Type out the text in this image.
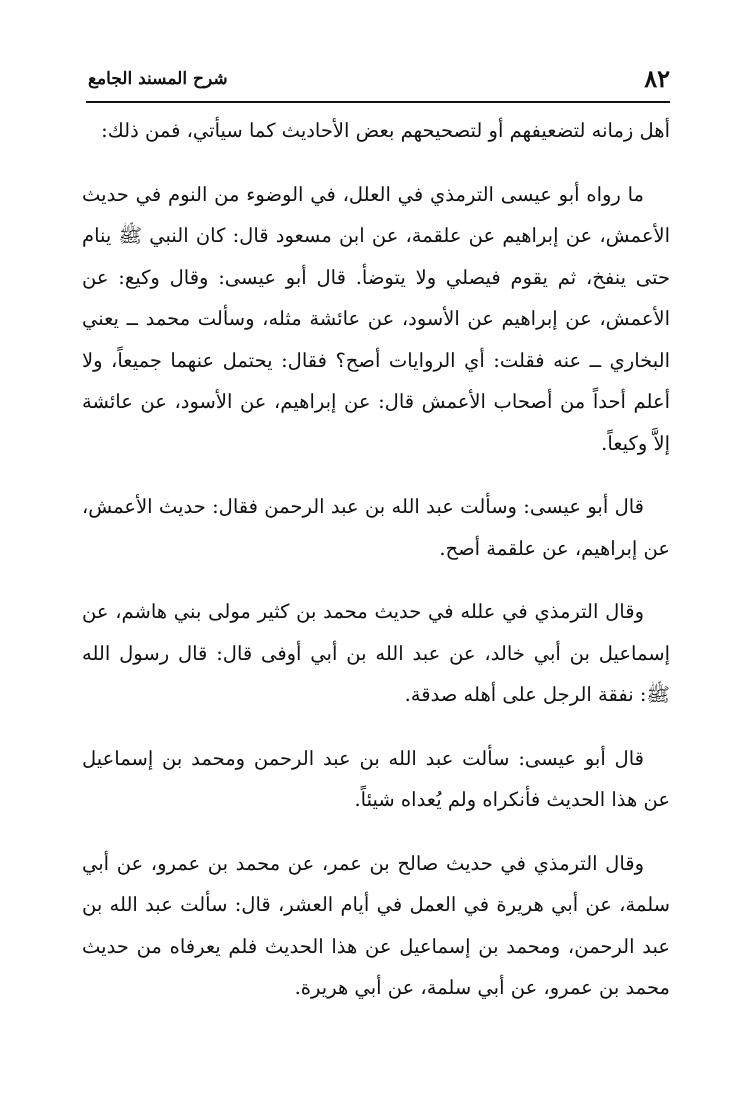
٨٢
شرح المسند الجامع

أهل زمانه لتضعيفهم أو لتصحيحهم بعض الأحاديث كما سيأتي، فمن ذلك:

ما رواه أبو عيسى الترمذي في العلل، في الوضوء من النوم في حديث الأعمش، عن إبراهيم عن علقمة، عن ابن مسعود قال: كان النبي ﷺ ينام حتى ينفخ، ثم يقوم فيصلي ولا يتوضأ. قال أبو عيسى: وقال وكيع: عن الأعمش، عن إبراهيم عن الأسود، عن عائشة مثله، وسألت محمد ــ يعني البخاري ــ عنه فقلت: أي الروايات أصح؟ فقال: يحتمل عنهما جميعاً، ولا أعلم أحداً من أصحاب الأعمش قال: عن إبراهيم، عن الأسود، عن عائشة إلاَّ وكيعاً.

قال أبو عيسى: وسألت عبد الله بن عبد الرحمن فقال: حديث الأعمش، عن إبراهيم، عن علقمة أصح.

وقال الترمذي في علله في حديث محمد بن كثير مولى بني هاشم، عن إسماعيل بن أبي خالد، عن عبد الله بن أبي أوفى قال: قال رسول الله ﷺ: نفقة الرجل على أهله صدقة.

قال أبو عيسى: سألت عبد الله بن عبد الرحمن ومحمد بن إسماعيل عن هذا الحديث فأنكراه ولم يُعداه شيئاً.

وقال الترمذي في حديث صالح بن عمر، عن محمد بن عمرو، عن أبي سلمة، عن أبي هريرة في العمل في أيام العشر، قال: سألت عبد الله بن عبد الرحمن، ومحمد بن إسماعيل عن هذا الحديث فلم يعرفاه من حديث محمد بن عمرو، عن أبي سلمة، عن أبي هريرة.
